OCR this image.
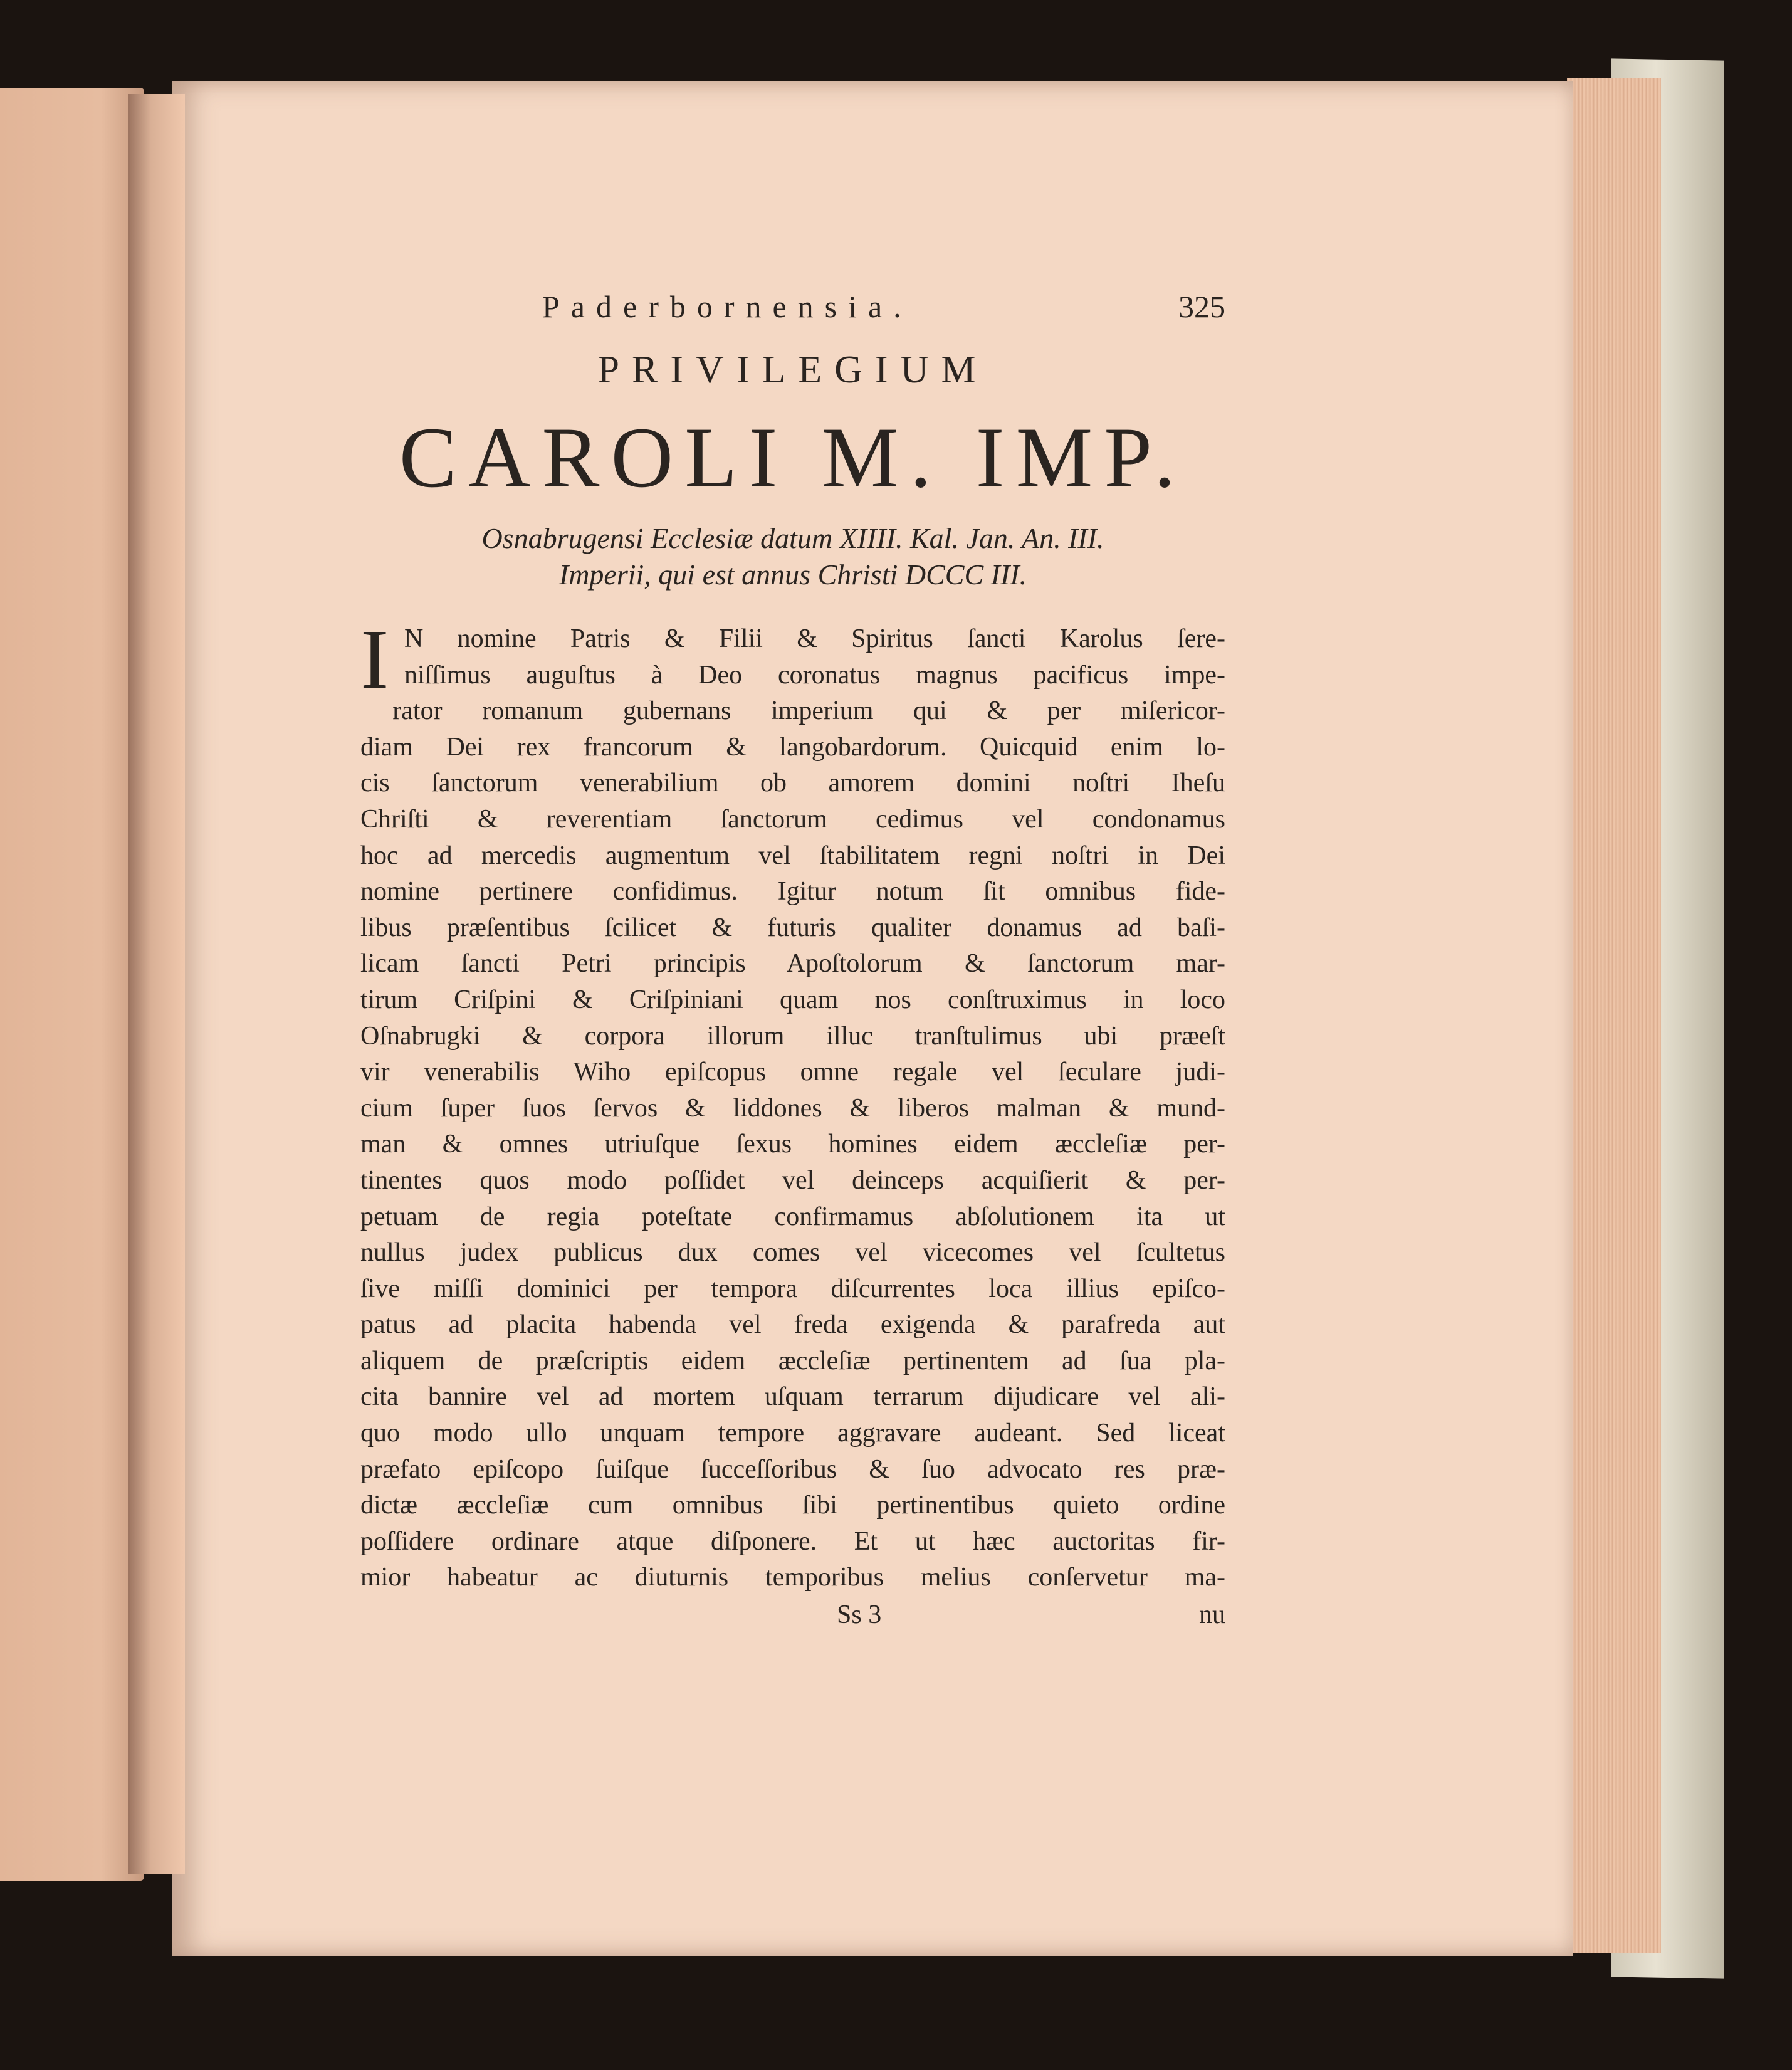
Paderbornensia.	325
PRIVILEGIUM
CAROLI M. IMP.
Osnabrugensi Ecclesiæ datum XIIII. Kal. Jan. An. III.
Imperii, qui est annus Christi DCCC III.
I N nomine Patris & Filii & Spiritus ſancti Karolus ſere-
niſſimus auguſtus à Deo coronatus magnus pacificus impe-
rator romanum gubernans imperium qui & per miſericor-
diam Dei rex francorum & langobardorum. Quicquid enim lo-
cis ſanctorum venerabilium ob amorem domini noſtri Iheſu
Chriſti & reverentiam ſanctorum cedimus vel condonamus
hoc ad mercedis augmentum vel ſtabilitatem regni noſtri in Dei
nomine pertinere confidimus. Igitur notum ſit omnibus fide-
libus præſentibus ſcilicet & futuris qualiter donamus ad baſi-
licam ſancti Petri principis Apoſtolorum & ſanctorum mar-
tirum Criſpini & Criſpiniani quam nos conſtruximus in loco
Oſnabrugki & corpora illorum illuc tranſtulimus ubi præeſt
vir venerabilis Wiho epiſcopus omne regale vel ſeculare judi-
cium ſuper ſuos ſervos & liddones & liberos malman & mund-
man & omnes utriuſque ſexus homines eidem æccleſiæ per-
tinentes quos modo poſſidet vel deinceps acquiſierit & per-
petuam de regia poteſtate confirmamus abſolutionem ita ut
nullus judex publicus dux comes vel vicecomes vel ſcultetus
ſive miſſi dominici per tempora diſcurrentes loca illius epiſco-
patus ad placita habenda vel freda exigenda & parafreda aut
aliquem de præſcriptis eidem æccleſiæ pertinentem ad ſua pla-
cita bannire vel ad mortem uſquam terrarum dijudicare vel ali-
quo modo ullo unquam tempore aggravare audeant. Sed liceat
præfato epiſcopo ſuiſque ſucceſſoribus & ſuo advocato res præ-
dictæ æccleſiæ cum omnibus ſibi pertinentibus quieto ordine
poſſidere ordinare atque diſponere. Et ut hæc auctoritas fir-
mior habeatur ac diuturnis temporibus melius conſervetur ma-
Ss 3	nu
